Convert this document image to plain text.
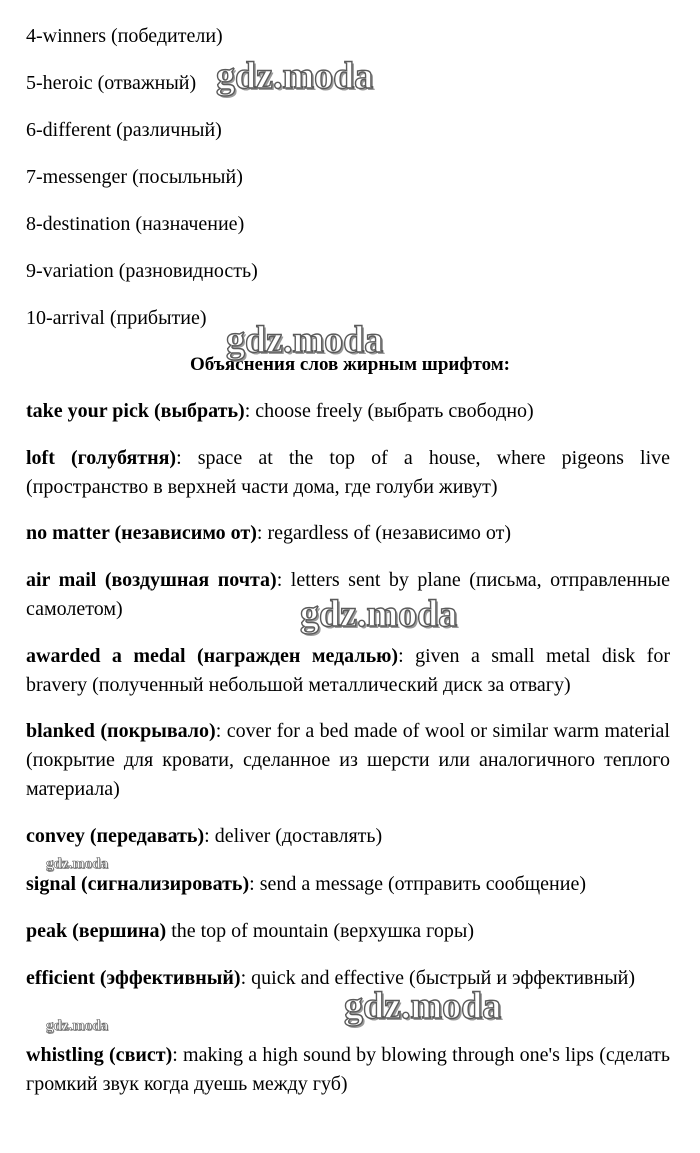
4-winners (победители)
5-heroic (отважный)
6-different (различный)
7-messenger (посыльный)
8-destination (назначение)
9-variation (разновидность)
10-arrival (прибытие)
Объяснения слов жирным шрифтом:
take your pick (выбрать): choose freely (выбрать свободно)
loft (голубятня): space at the top of a house, where pigeons live (пространство в верхней части дома, где голуби живут)
no matter (независимо от): regardless of (независимо от)
air mail (воздушная почта): letters sent by plane (письма, отправленные самолетом)
awarded a medal (награжден медалью): given a small metal disk for bravery (полученный небольшой металлический диск за отвагу)
blanked (покрывало): cover for a bed made of wool or similar warm material (покрытие для кровати, сделанное из шерсти или аналогичного теплого материала)
convey (передавать): deliver (доставлять)
signal (сигнализировать): send a message (отправить сообщение)
peak (вершина) the top of mountain (верхушка горы)
efficient (эффективный): quick and effective (быстрый и эффективный)
whistling (свист): making a high sound by blowing through one's lips (сделать громкий звук когда дуешь между губ)
gdz.moda
gdz.moda
gdz.moda
gdz.moda
gdz.moda
gdz.moda
